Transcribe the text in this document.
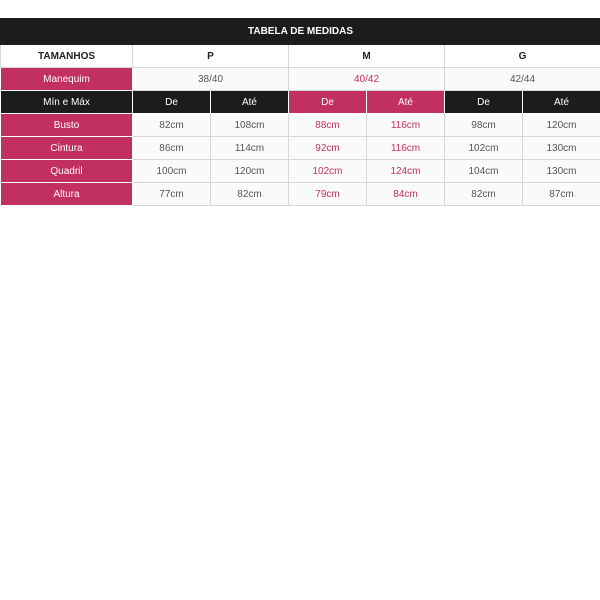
TABELA DE MEDIDAS						
TAMANHOS	P		M		G	
Manequim	38/40		40/42		42/44	
Mín e Máx	De	Até	De	Até	De	Até
Busto	82cm	108cm	88cm	116cm	98cm	120cm
Cintura	86cm	114cm	92cm	116cm	102cm	130cm
Quadril	100cm	120cm	102cm	124cm	104cm	130cm
Altura	77cm	82cm	79cm	84cm	82cm	87cm
